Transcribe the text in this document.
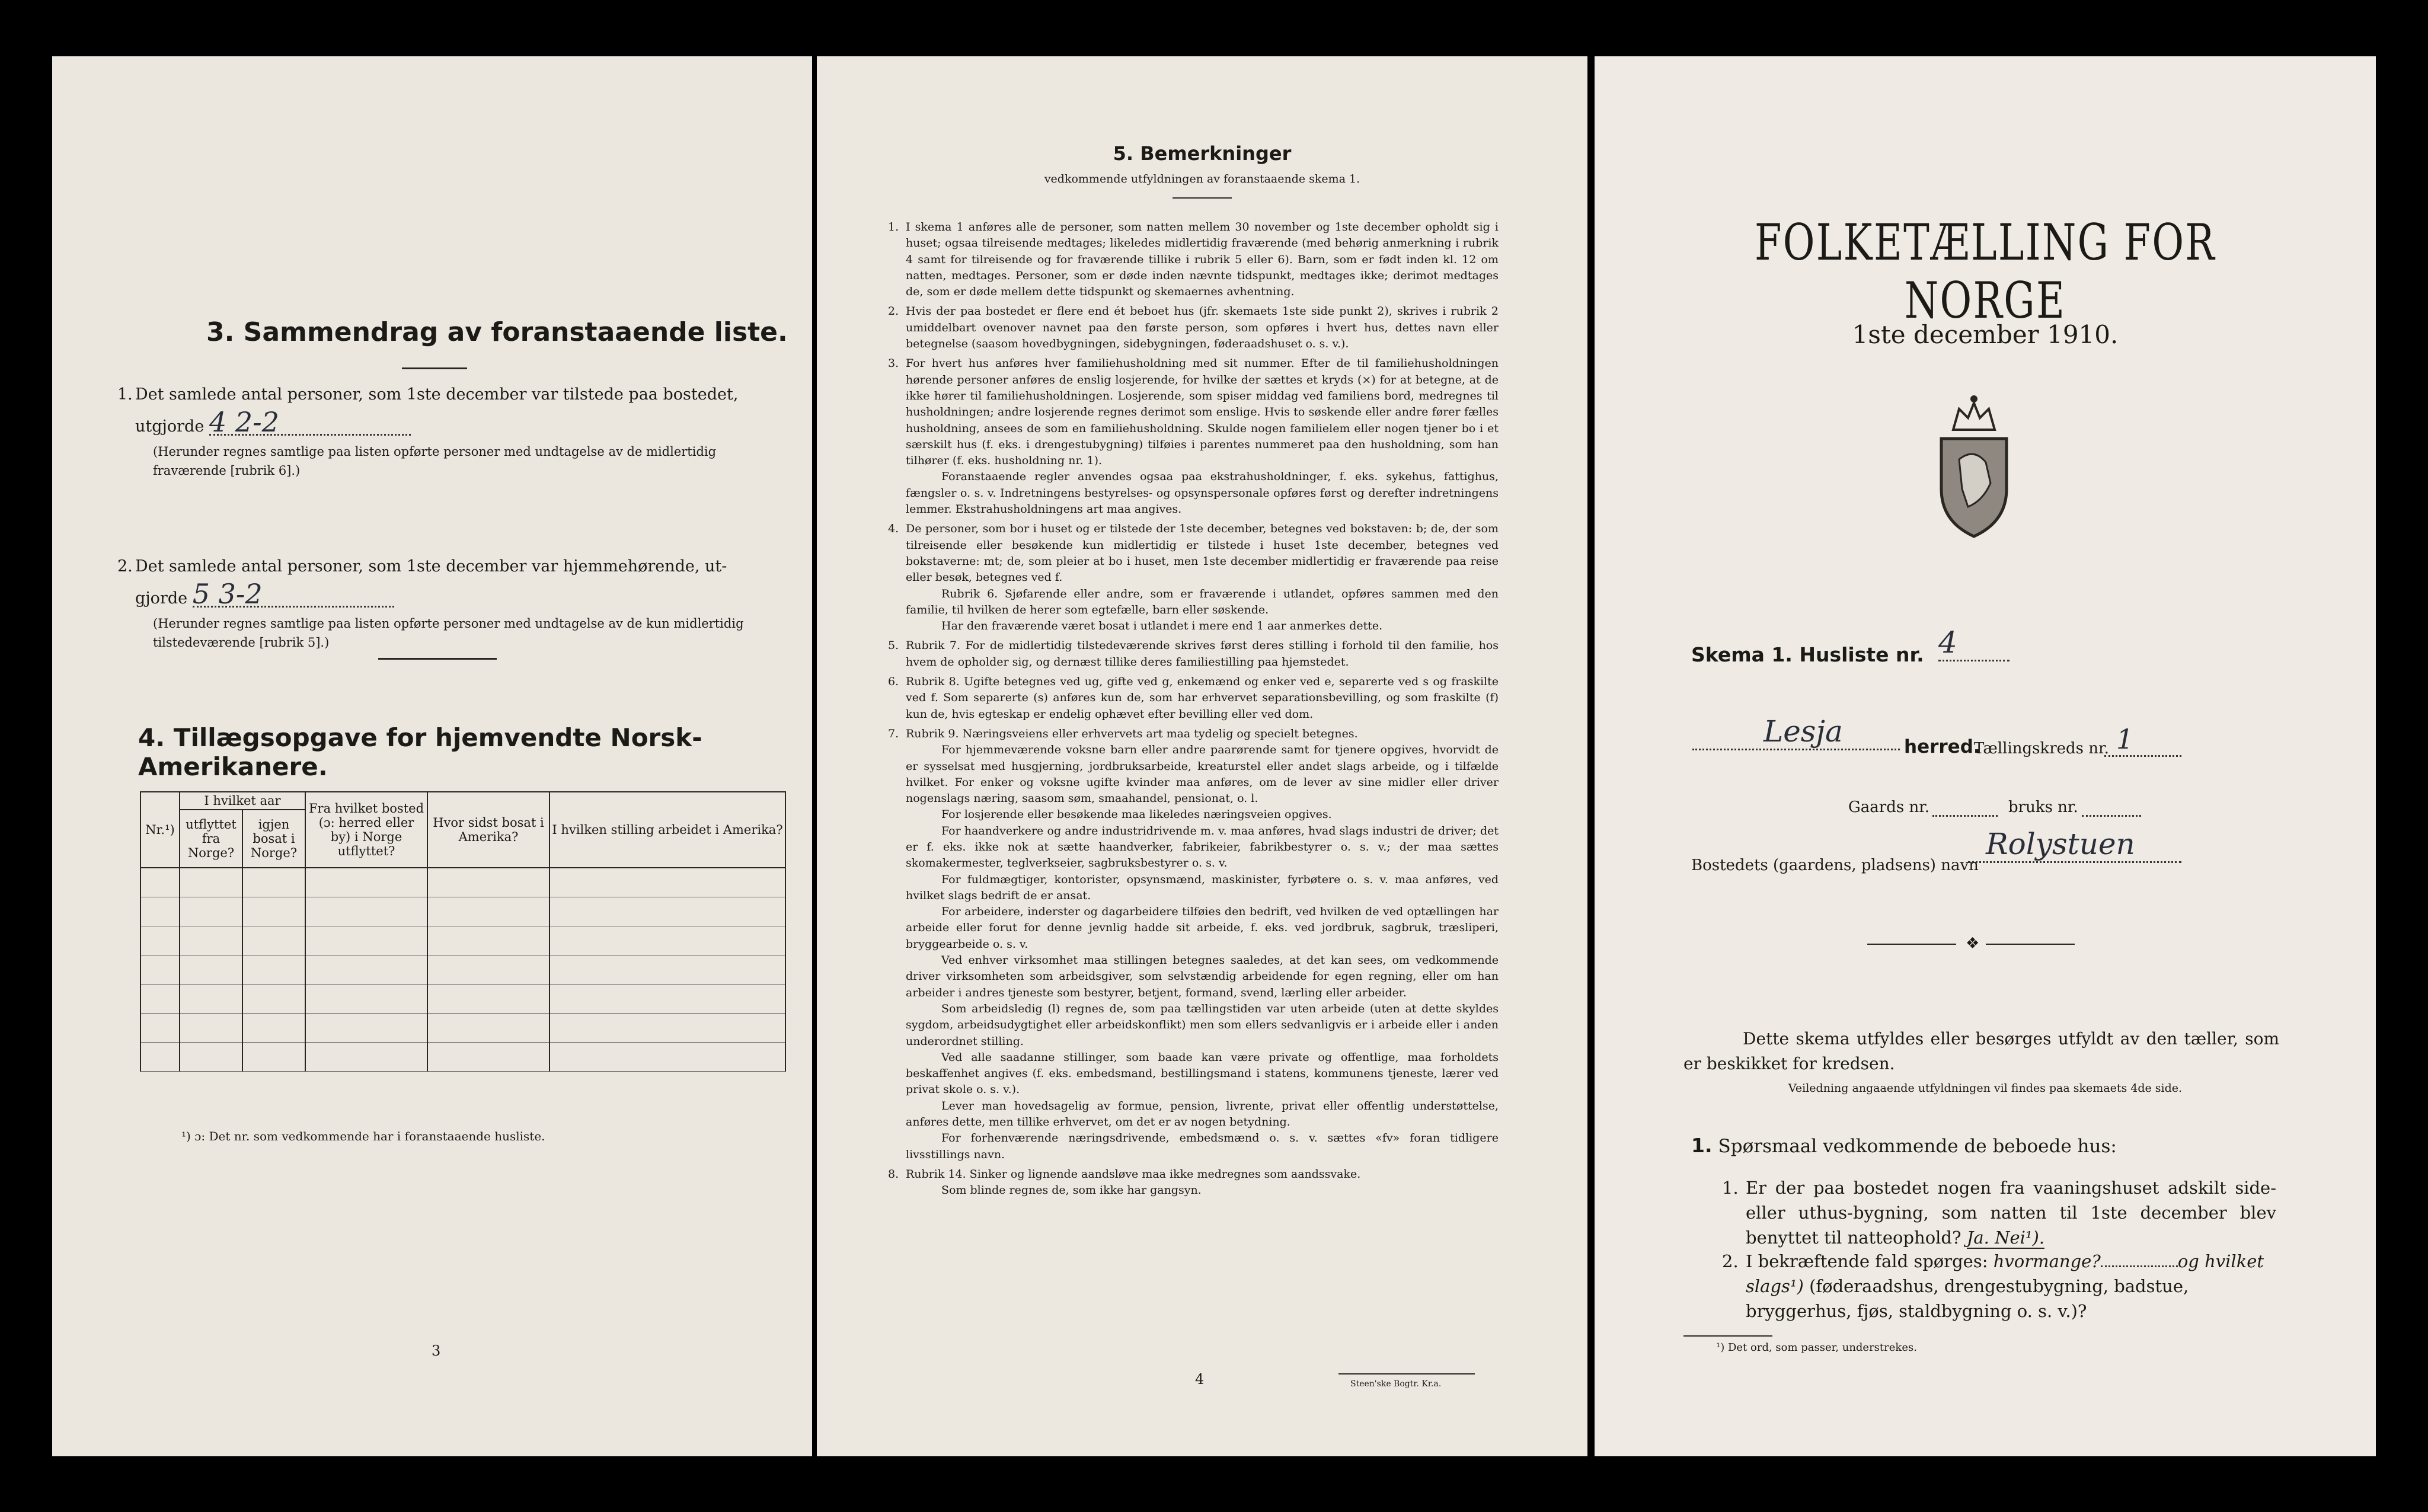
3. Sammendrag av foranstaaende liste.
1. Det samlede antal personer, som 1ste december var tilstede paa bostedet,
utgjorde 4 2-2
(Herunder regnes samtlige paa listen opførte personer med undtagelse av de midlertidig fraværende [rubrik 6].)
2. Det samlede antal personer, som 1ste december var hjemmehørende, ut-
gjorde 5 3-2
(Herunder regnes samtlige paa listen opførte personer med undtagelse av de kun midlertidig tilstedeværende [rubrik 5].)
4. Tillægsopgave for hjemvendte Norsk-Amerikanere.
Nr.¹)	I hvilket aar		Fra hvilket bosted (ɔ: herred eller by) i Norge utflyttet?	Hvor sidst bosat i Amerika?	I hvilken stilling arbeidet i Amerika?
	utflyttet fra Norge?	igjen bosat i Norge?			

¹) ɔ: Det nr. som vedkommende har i foranstaaende husliste.
3
5. Bemerkninger
vedkommende utfyldningen av foranstaaende skema 1.

1. I skema 1 anføres alle de personer, som natten mellem 30 november og 1ste december opholdt sig i huset; ogsaa tilreisende medtages; likeledes midlertidig fraværende (med behørig anmerkning i rubrik 4 samt for tilreisende og for fraværende tillike i rubrik 5 eller 6). Barn, som er født inden kl. 12 om natten, medtages. Personer, som er døde inden nævnte tidspunkt, medtages ikke; derimot medtages de, som er døde mellem dette tidspunkt og skemaernes avhentning.

2. Hvis der paa bostedet er flere end ét beboet hus (jfr. skemaets 1ste side punkt 2), skrives i rubrik 2 umiddelbart ovenover navnet paa den første person, som opføres i hvert hus, dettes navn eller betegnelse (saasom hovedbygningen, sidebygningen, føderaadshuset o. s. v.).

3. For hvert hus anføres hver familiehusholdning med sit nummer. Efter de til familiehusholdningen hørende personer anføres de enslig losjerende, for hvilke der sættes et kryds (×) for at betegne, at de ikke hører til familiehusholdningen. Losjerende, som spiser middag ved familiens bord, medregnes til husholdningen; andre losjerende regnes derimot som enslige. Hvis to søskende eller andre fører fælles husholdning, ansees de som en familiehusholdning. Skulde nogen familielem eller nogen tjener bo i et særskilt hus (f. eks. i drengestubygning) tilføies i parentes nummeret paa den husholdning, som han tilhører (f. eks. husholdning nr. 1).

Foranstaaende regler anvendes ogsaa paa ekstrahusholdninger, f. eks. sykehus, fattighus, fængsler o. s. v. Indretningens bestyrelses- og opsynspersonale opføres først og derefter indretningens lemmer. Ekstrahusholdningens art maa angives.

4. De personer, som bor i huset og er tilstede der 1ste december, betegnes ved bokstaven: b; de, der som tilreisende eller besøkende kun midlertidig er tilstede i huset 1ste december, betegnes ved bokstaverne: mt; de, som pleier at bo i huset, men 1ste december midlertidig er fraværende paa reise eller besøk, betegnes ved f.

Rubrik 6. Sjøfarende eller andre, som er fraværende i utlandet, opføres sammen med den familie, til hvilken de herer som egtefælle, barn eller søskende.

Har den fraværende været bosat i utlandet i mere end 1 aar anmerkes dette.

5. Rubrik 7. For de midlertidig tilstedeværende skrives først deres stilling i forhold til den familie, hos hvem de opholder sig, og dernæst tillike deres familiestilling paa hjemstedet.

6. Rubrik 8. Ugifte betegnes ved ug, gifte ved g, enkemænd og enker ved e, separerte ved s og fraskilte ved f. Som separerte (s) anføres kun de, som har erhvervet separationsbevilling, og som fraskilte (f) kun de, hvis egteskap er endelig ophævet efter bevilling eller ved dom.

7. Rubrik 9. Næringsveiens eller erhvervets art maa tydelig og specielt betegnes.

For hjemmeværende voksne barn eller andre paarørende samt for tjenere opgives, hvorvidt de er sysselsat med husgjerning, jordbruksarbeide, kreaturstel eller andet slags arbeide, og i tilfælde hvilket. For enker og voksne ugifte kvinder maa anføres, om de lever av sine midler eller driver nogenslags næring, saasom søm, smaahandel, pensionat, o. l.

For losjerende eller besøkende maa likeledes næringsveien opgives.

For haandverkere og andre industridrivende m. v. maa anføres, hvad slags industri de driver; det er f. eks. ikke nok at sætte haandverker, fabrikeier, fabrikbestyrer o. s. v.; der maa sættes skomakermester, teglverkseier, sagbruksbestyrer o. s. v.

For fuldmægtiger, kontorister, opsynsmænd, maskinister, fyrbøtere o. s. v. maa anføres, ved hvilket slags bedrift de er ansat.

For arbeidere, inderster og dagarbeidere tilføies den bedrift, ved hvilken de ved optællingen har arbeide eller forut for denne jevnlig hadde sit arbeide, f. eks. ved jordbruk, sagbruk, træsliperi, bryggearbeide o. s. v.

Ved enhver virksomhet maa stillingen betegnes saaledes, at det kan sees, om vedkommende driver virksomheten som arbeidsgiver, som selvstændig arbeidende for egen regning, eller om han arbeider i andres tjeneste som bestyrer, betjent, formand, svend, lærling eller arbeider.

Som arbeidsledig (l) regnes de, som paa tællingstiden var uten arbeide (uten at dette skyldes sygdom, arbeidsudygtighet eller arbeidskonflikt) men som ellers sedvanligvis er i arbeide eller i anden underordnet stilling.

Ved alle saadanne stillinger, som baade kan være private og offentlige, maa forholdets beskaffenhet angives (f. eks. embedsmand, bestillingsmand i statens, kommunens tjeneste, lærer ved privat skole o. s. v.).

Lever man hovedsagelig av formue, pension, livrente, privat eller offentlig understøttelse, anføres dette, men tillike erhvervet, om det er av nogen betydning.

For forhenværende næringsdrivende, embedsmænd o. s. v. sættes «fv» foran tidligere livsstillings navn.

8. Rubrik 14. Sinker og lignende aandsløve maa ikke medregnes som aandssvake.

Som blinde regnes de, som ikke har gangsyn.

4	Steen'ske Bogtr. Kr.a.
FOLKETÆLLING FOR NORGE
1ste december 1910.
Skema 1. Husliste nr. 4
Lesja	herred.
Tællingskreds nr. 1
Gaards nr.	bruks nr.
Bostedets (gaardens, pladsens) navn
Rolystuen
❖
Dette skema utfyldes eller besørges utfyldt av den tæller, som er beskikket for kredsen.
Veiledning angaaende utfyldningen vil findes paa skemaets 4de side.
1. Spørsmaal vedkommende de beboede hus:
1. Er der paa bostedet nogen fra vaaningshuset adskilt side- eller uthus-bygning, som natten til 1ste december blev benyttet til natteophold? Ja. Nei¹).
2. I bekræftende fald spørges: hvormange?	og hvilket slags¹) (føderaadshus, drengestubygning, badstue, bryggerhus, fjøs, staldbygning o. s. v.)?
¹) Det ord, som passer, understrekes.
